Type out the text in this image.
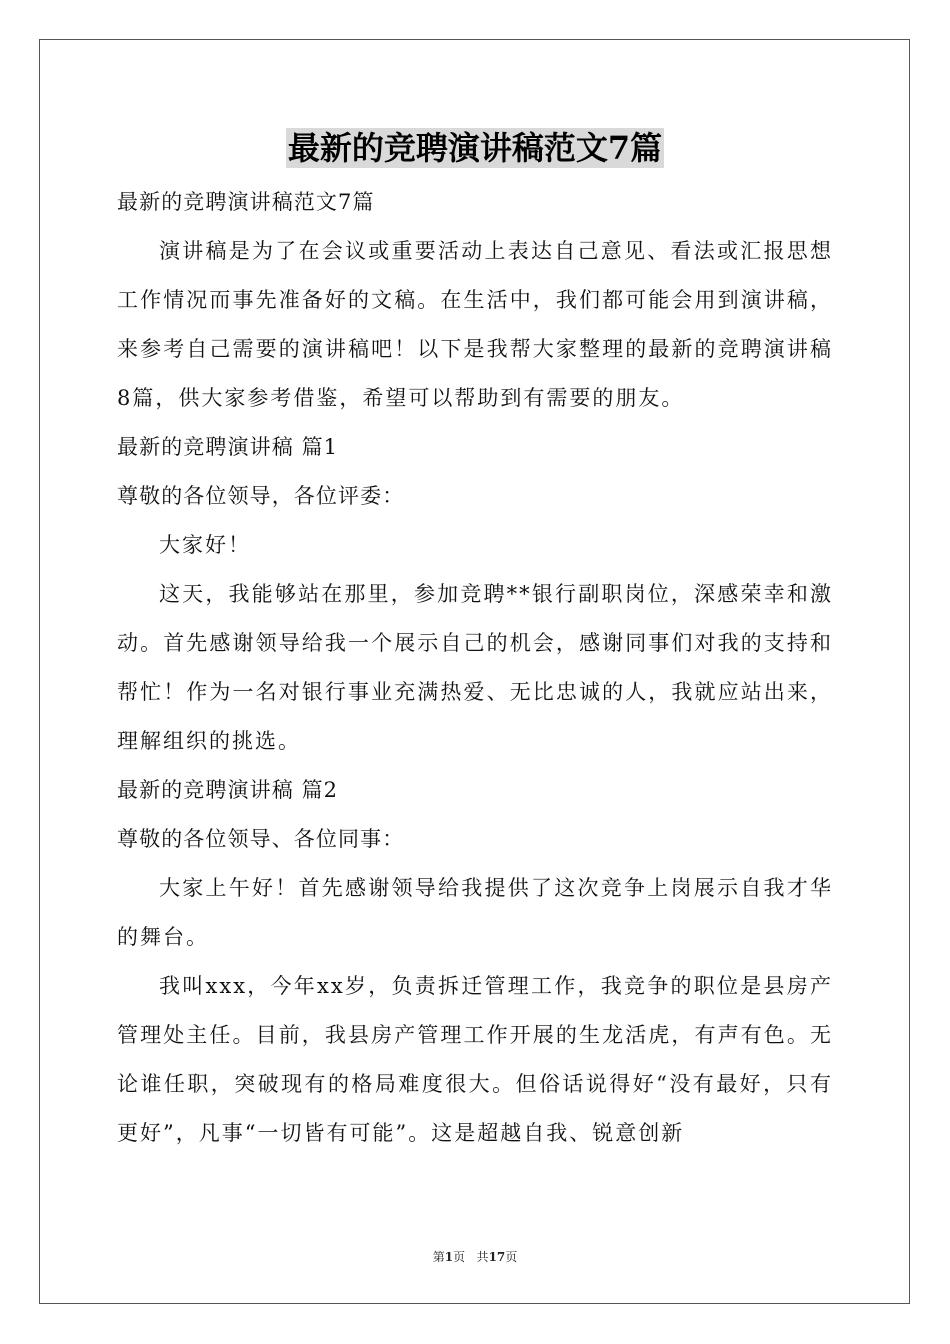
最新的竞聘演讲稿范文7篇
最新的竞聘演讲稿范文7篇

演讲稿是为了在会议或重要活动上表达自己意见、看法或汇报思想工作情况而事先准备好的文稿。在生活中，我们都可能会用到演讲稿，来参考自己需要的演讲稿吧！以下是我帮大家整理的最新的竞聘演讲稿8篇，供大家参考借鉴，希望可以帮助到有需要的朋友。

最新的竞聘演讲稿 篇1
尊敬的各位领导，各位评委：

大家好！

这天，我能够站在那里，参加竞聘**银行副职岗位，深感荣幸和激动。首先感谢领导给我一个展示自己的机会，感谢同事们对我的支持和帮忙！作为一名对银行事业充满热爱、无比忠诚的人，我就应站出来，理解组织的挑选。

最新的竞聘演讲稿 篇2
尊敬的各位领导、各位同事：

大家上午好！首先感谢领导给我提供了这次竞争上岗展示自我才华的舞台。

我叫xxx，今年xx岁，负责拆迁管理工作，我竞争的职位是县房产管理处主任。目前，我县房产管理工作开展的生龙活虎，有声有色。无论谁任职，突破现有的格局难度很大。但俗话说得好“没有最好，只有更好”，凡事“一切皆有可能”。这是超越自我、锐意创新

第1页 共17页
